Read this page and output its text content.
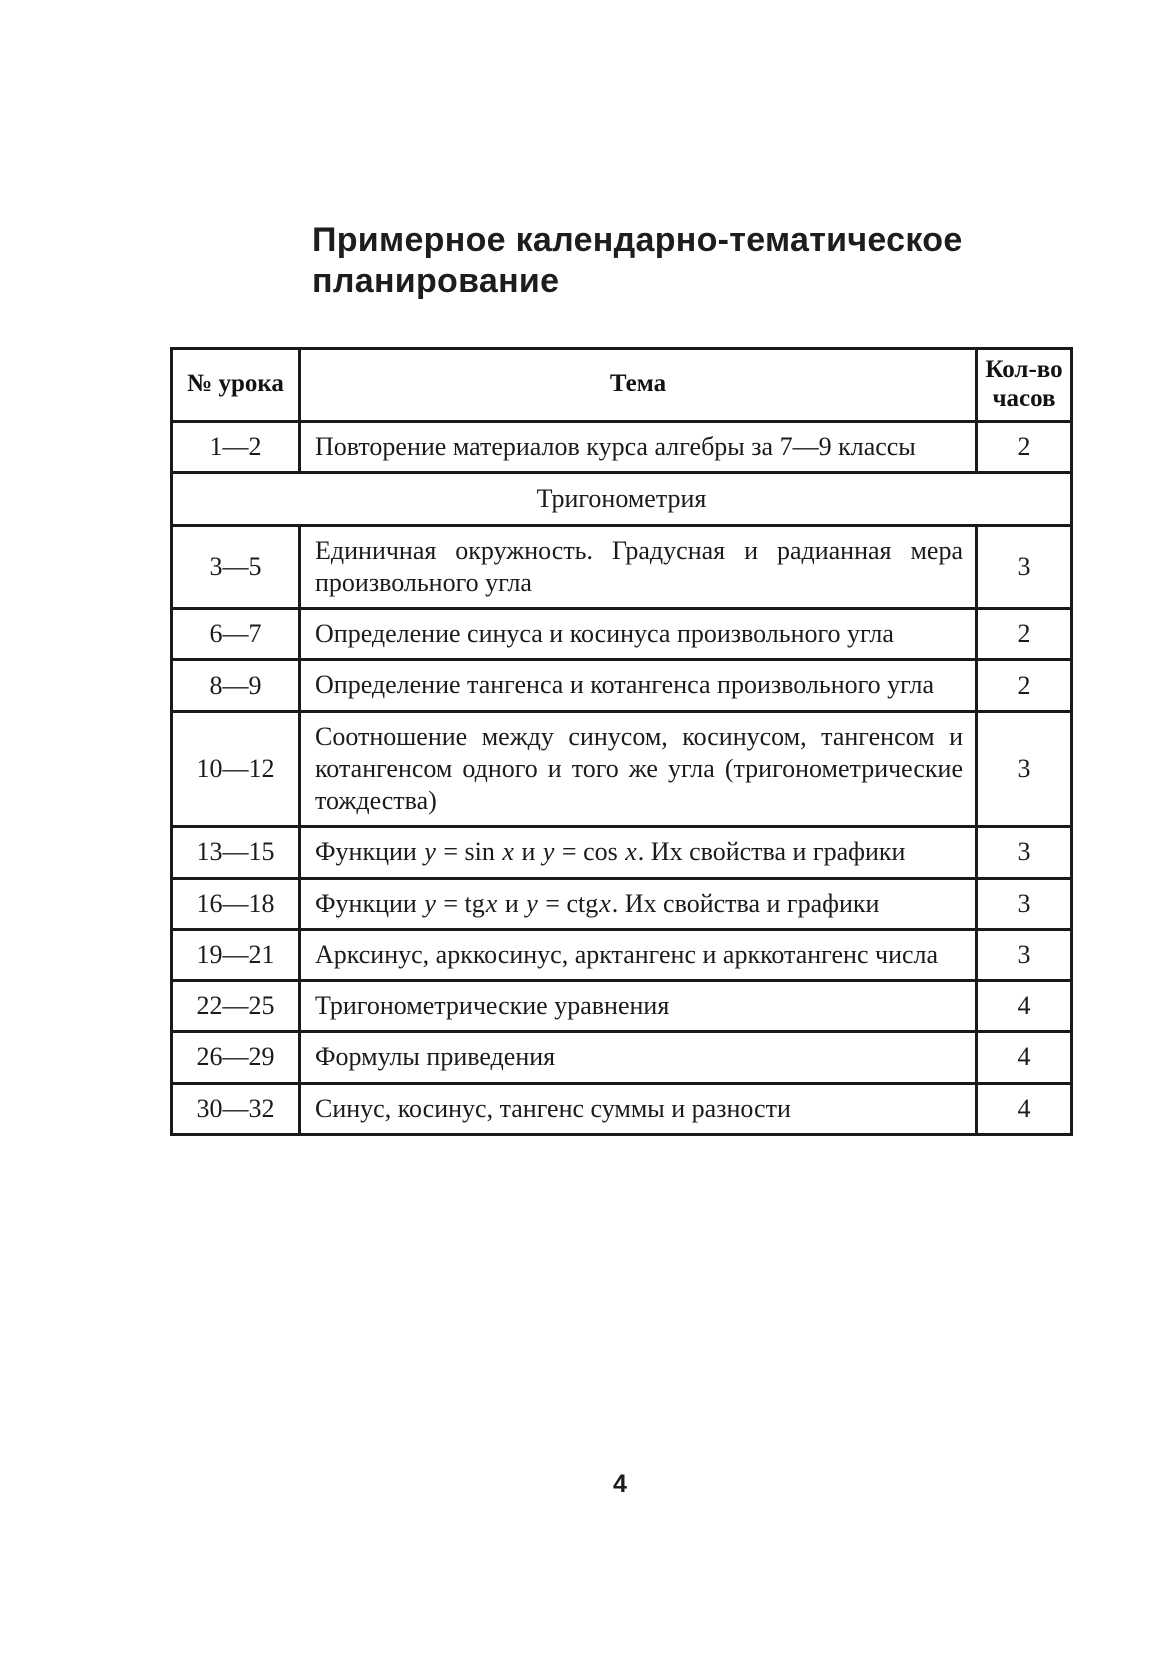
Примерное календарно-тематическое планирование
№ урока	Тема	Кол-во часов
1—2	Повторение материалов курса алгебры за 7—9 классы	2
Тригонометрия		
3—5	Единичная окружность. Градусная и радианная мера произвольного угла	3
6—7	Определение синуса и косинуса произвольного угла	2
8—9	Определение тангенса и котангенса произвольного угла	2
10—12	Соотношение между синусом, косинусом, тангенсом и котангенсом одного и того же угла (тригонометрические тождества)	3
13—15	Функции y = sin x и y = cos x. Их свойства и графики	3
16—18	Функции y = tgx и y = ctgx. Их свойства и графики	3
19—21	Арксинус, арккосинус, арктангенс и арккотангенс числа	3
22—25	Тригонометрические уравнения	4
26—29	Формулы приведения	4
30—32	Синус, косинус, тангенс суммы и разности	4
4
